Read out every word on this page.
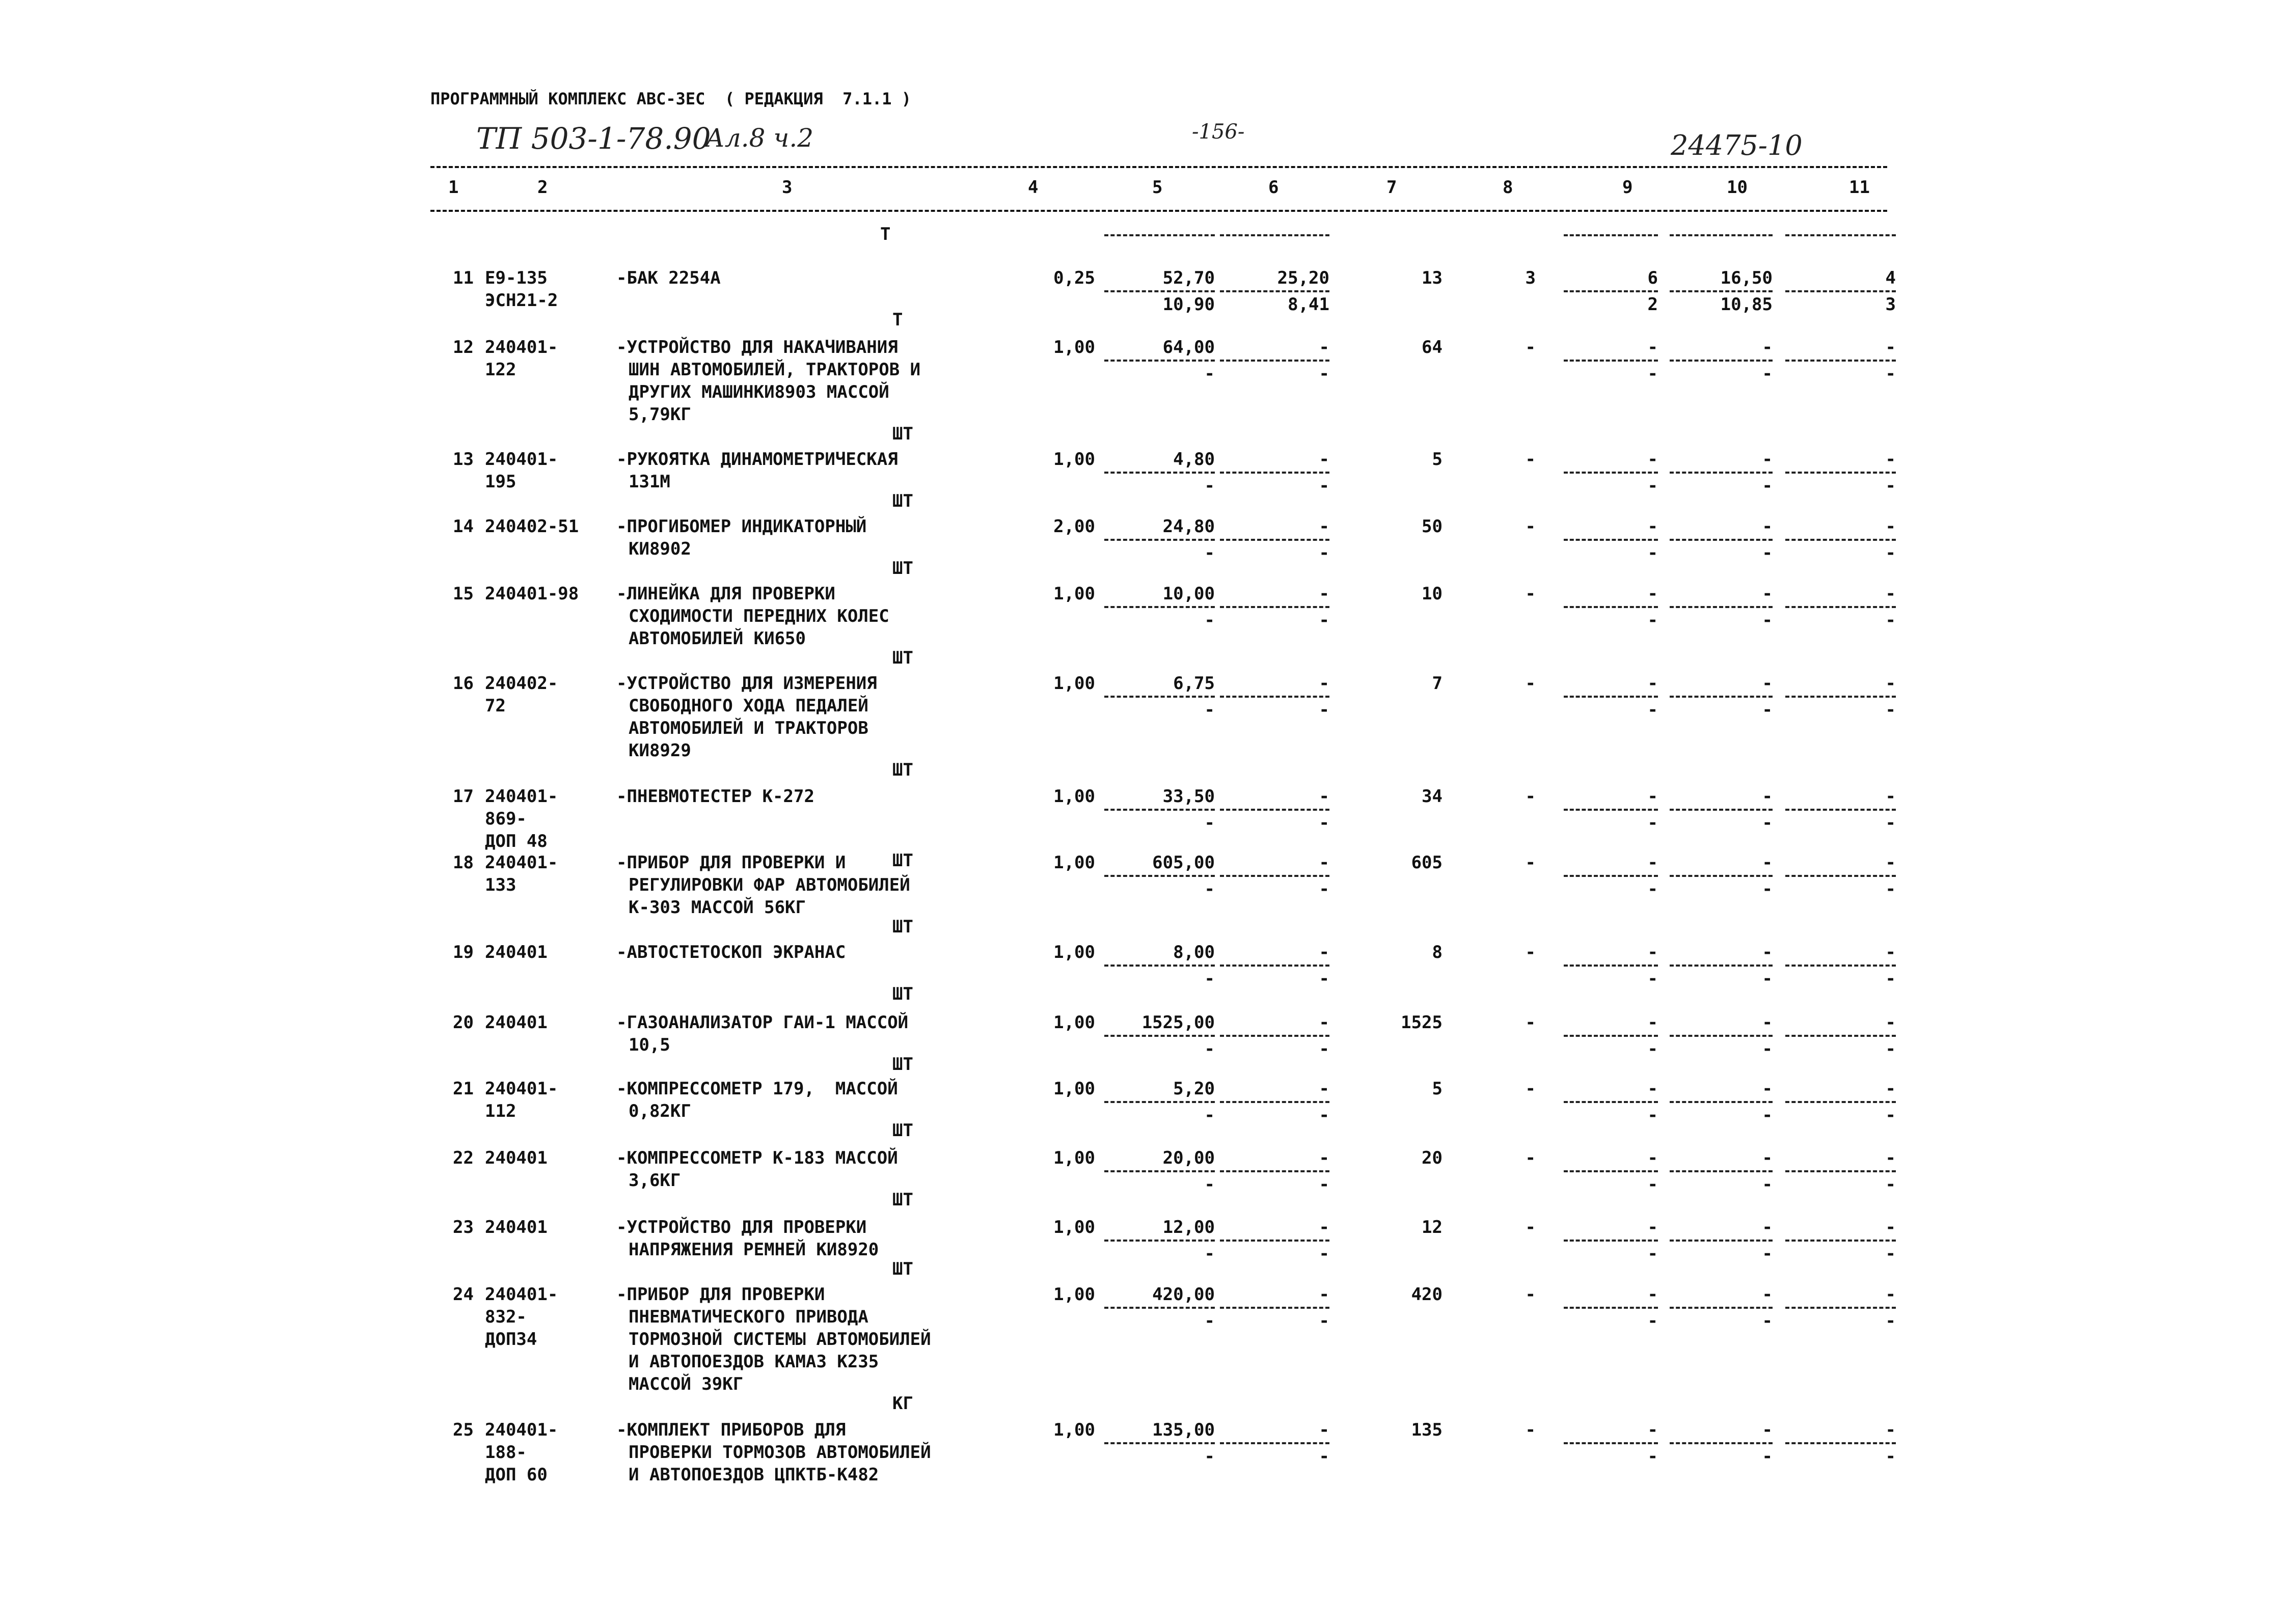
ПРОГРАММНЫЙ КОМПЛЕКС АВС-ЗЕС  ( РЕДАКЦИЯ  7.1.1 )
ТП 503-1-78.90
Ал.8 ч.2	-156-	24475-10
1	2	3	4	5	6	7	8	9	10	11
Т
11 Е9-135
ЭСН21-2
-БАК 2254А	0,25	52,70	25,20	13	3	6	16,50	4
10,90	8,41	2	10,85	3
Т
12 240401-
122
-УСТРОЙСТВО ДЛЯ НАКАЧИВАНИЯ
ШИН АВТОМОБИЛЕЙ, ТРАКТОРОВ И
ДРУГИХ МАШИНКИ8903 МАССОЙ
5,79КГ
1,00	64,00	-	64	-	-	-	-
-	-	-	-	-
ШТ
13 240401-
195
-РУКОЯТКА ДИНАМОМЕТРИЧЕСКАЯ
131М
1,00	4,80	-	5	-	-	-	-
-	-	-	-	-
ШТ
14 240402-51 -ПРОГИБОМЕР ИНДИКАТОРНЫЙ
КИ8902
2,00	24,80	-	50	-	-	-	-
-	-	-	-	-
ШТ
15 240401-98 -ЛИНЕЙКА ДЛЯ ПРОВЕРКИ
СХОДИМОСТИ ПЕРЕДНИХ КОЛЕС
АВТОМОБИЛЕЙ КИ650
1,00	10,00	-	10	-	-	-	-
-	-	-	-	-
ШТ
16 240402-
72
-УСТРОЙСТВО ДЛЯ ИЗМЕРЕНИЯ
СВОБОДНОГО ХОДА ПЕДАЛЕЙ
АВТОМОБИЛЕЙ И ТРАКТОРОВ
КИ8929
1,00	6,75	-	7	-	-	-	-
-	-	-	-	-
ШТ
17 240401-
869-
ДОП 48
-ПНЕВМОТЕСТЕР К-272	1,00	33,50	-	34	-	-	-	-
-	-	-	-	-
ШТ
18 240401-
133
-ПРИБОР ДЛЯ ПРОВЕРКИ И
РЕГУЛИРОВКИ ФАР АВТОМОБИЛЕЙ
К-303 МАССОЙ 56КГ
1,00	605,00	-	605	-	-	-	-
-	-	-	-	-
ШТ
19 240401	-АВТОСТЕТОСКОП ЭКРАНАС	1,00	8,00	-	8	-	-	-	-
-	-	-	-	-
ШТ
20 240401	-ГАЗОАНАЛИЗАТОР ГАИ-1 МАССОЙ
10,5
1,00	1525,00	-	1525	-	-	-	-
-	-	-	-	-
ШТ
21 240401-
112
-КОМПРЕССОМЕТР 179,  МАССОЙ
0,82КГ
1,00	5,20	-	5	-	-	-	-
-	-	-	-	-
ШТ
22 240401	-КОМПРЕССОМЕТР К-183 МАССОЙ
3,6КГ
1,00	20,00	-	20	-	-	-	-
-	-	-	-	-
ШТ
23 240401	-УСТРОЙСТВО ДЛЯ ПРОВЕРКИ
НАПРЯЖЕНИЯ РЕМНЕЙ КИ8920
1,00	12,00	-	12	-	-	-	-
-	-	-	-	-
ШТ
24 240401-
832-
ДОП34
-ПРИБОР ДЛЯ ПРОВЕРКИ
ПНЕВМАТИЧЕСКОГО ПРИВОДА
ТОРМОЗНОЙ СИСТЕМЫ АВТОМОБИЛЕЙ
И АВТОПОЕЗДОВ КАМАЗ К235
МАССОЙ 39КГ
1,00	420,00	-	420	-	-	-	-
-	-	-	-	-
КГ
25 240401-
188-
ДОП 60
-КОМПЛЕКТ ПРИБОРОВ ДЛЯ
ПРОВЕРКИ ТОРМОЗОВ АВТОМОБИЛЕЙ
И АВТОПОЕЗДОВ ЦПКТБ-К482
1,00	135,00	-	135	-	-	-	-
-	-	-	-	-
